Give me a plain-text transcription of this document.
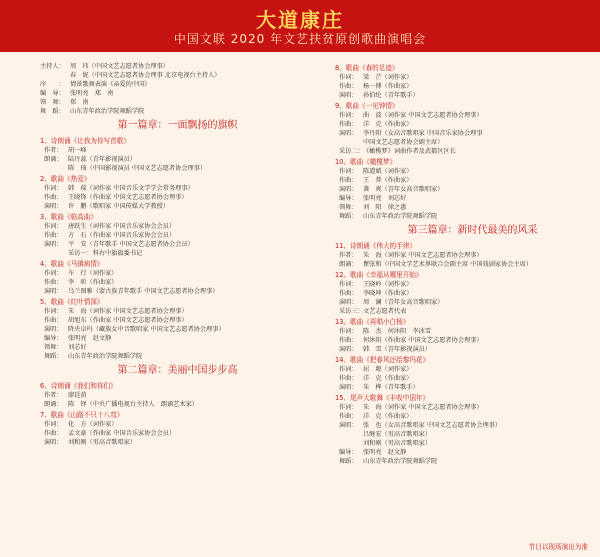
大道康庄
中国文联 2020 年文艺扶贫原创歌曲演唱会
主持人： 周　玮（中国文艺志愿者协会理事）
春　妮（中国文艺志愿者协会理事 北京电视台主持人）
序　　： 情景歌舞表演《亲爱的中国》
编　导： 张明亮　郑　南
领　舞： 郑　南
舞　蹈： 山东青年政治学院舞蹈学院
第一篇章：一面飘扬的旗帜
1、诗朗诵《让我为你写首歌》
作者： 胡一峰
朗诵： 陆丹蕊（青年影视演员）
陈　琦（中国影视演员 中国文艺志愿者协会理事）
2、歌曲《热爱》
作词： 韩　葆（词作家 中国音乐文学学会常务理事）
作曲： 王晓锋（作曲家 中国文艺志愿者协会理事）
演唱： 许　鹏（歌唱家 中国传媒大学教授）
3、歌曲《临高曲》
作词： 唐跃生（词作家 中国音乐家协会会员）
作曲： 方　石（作曲家 中国音乐家协会会员）
演唱： 平　安（青年歌手 中国文艺志愿者协会会员）
采访一：科右中旗旗委书记
4、歌曲《马镇病情》
作词： 车　行（词作家）
作曲： 李　昕（作曲家）
演唱： 乌兰图雅（蒙古族青年歌手 中国文艺志愿者协会理事）
5、歌曲《红叶情深》
作词： 朱　海（词作家 中国文艺志愿者协会理事）
作曲： 胡旭东（作曲家 中国文艺志愿者协会理事）
演唱： 降央卓玛（藏族女中音歌唱家 中国文艺志愿者协会理事）
编导： 张明亮　赵文静
领舞： 刘芯好
舞蹈： 山东青年政治学院舞蹈学院
第二篇章：美丽中国步步高
6、诗朗诵《我们和你们》
作者： 廖廷荫
朗诵： 陈　铎（中央广播电视台主持人　朗诵艺术家）
7、歌曲《山路不只十八弯》
作词： 化　方（词作家）
作曲： 孟文豪（作曲家 中国音乐家协会会员）
演唱： 刘和刚（男高音歌唱家）
8、歌曲《春的足迹》
作词： 梁　芒（词作家）
作曲： 杨一博（作曲家）
演唱： 孙伯纶（青年歌手）
9、歌曲《一见钟情》
作词： 曲　波（词作家 中国文艺志愿者协会理事）
作曲： 洋　克（作曲家）
演唱： 李丹阳（女高音歌唱家 中国音乐家协会理事
中国文艺志愿者协会副主席）
采访二：《橄榄梦》词曲作者及武都区区长
10、歌曲《橄榄梦》
作词： 陈道斌（词作家）
作曲： 王　普（作曲家）
演唱： 龚　爽（青年女高音歌唱家）
编导： 张明亮　刘芯好
领舞： 刘　阳　徐之惠
舞蹈： 山东青年政治学院舞蹈学院
第三篇章：新时代最美的风采
11、诗朗诵《伟大的手律》
作者： 朱　海（词作家 中国文艺志愿者协会理事）
朗诵： 瞿弦和（中国文学艺术界联合会副主席 中国戏剧家协会主席）
12、歌曲《幸福从哪里开始》
作词： 王晓岭（词作家）
作曲： 李晓坤（作曲家）
演唱： 周　澜（青年女高音歌唱家）
采访三：文艺志愿者代表
13、歌曲《再唱小白杨》
作词： 陈　杰　何沐阳　李冰雪
作曲： 何沐阳（作曲家 中国文艺志愿者协会理事）
演唱： 韩　雪（青年影视演员）
14、歌曲《把春风还给黎玛花》
作词： 屈　塬（词作家）
作曲： 洋　克（作曲家）
演唱： 朱　桦（青年歌手）
15、尾声大歌舞《丰收中国年》
作词： 朱　海（词作家 中国文艺志愿者协会理事）
作曲： 洋　克（作曲家）
演唱： 张　也（女高音歌唱家 中国文艺志愿者协会理事）
吕继宏（男高音歌唱家）
刘和刚（男高音歌唱家）
编导： 张明亮　赵文静
舞蹈： 山东青年政治学院舞蹈学院
节目以现场演出为准
